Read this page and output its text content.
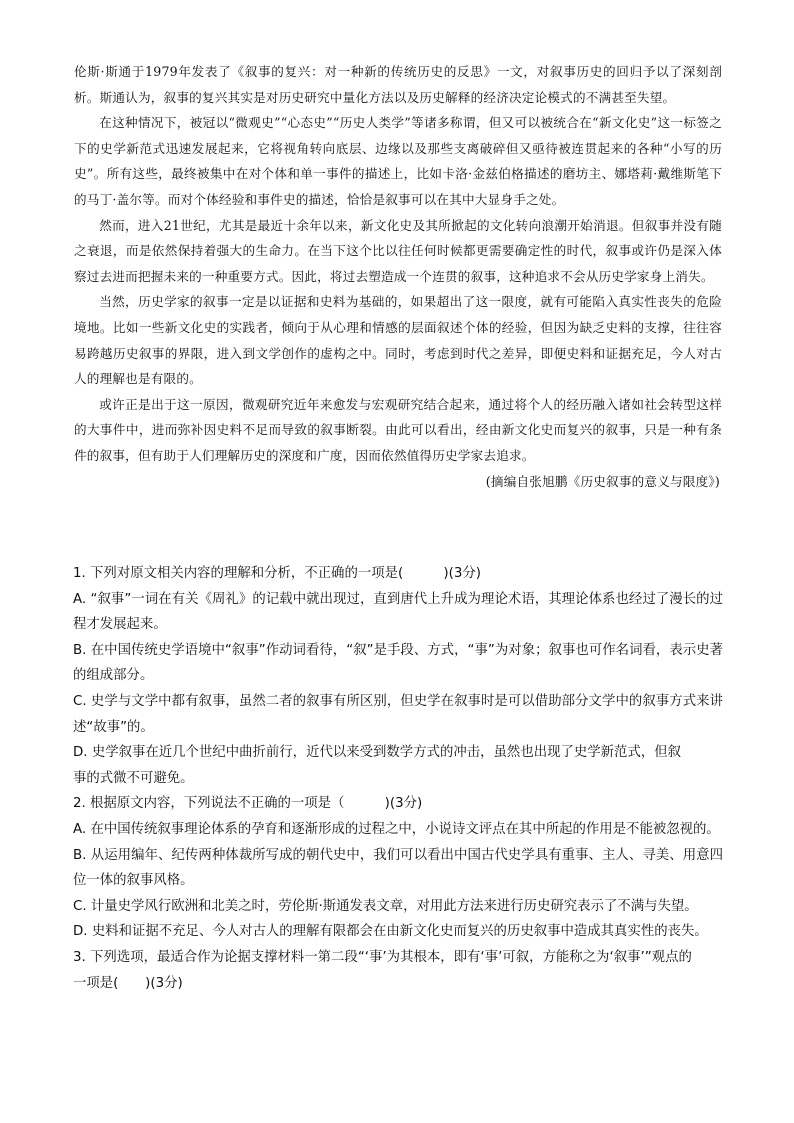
伦斯·斯通于1979年发表了《叙事的复兴：对一种新的传统历史的反思》一文，对叙事历史的回归予以了深刻剖析。斯通认为，叙事的复兴其实是对历史研究中量化方法以及历史解释的经济决定论模式的不满甚至失望。

在这种情况下，被冠以“微观史”“心态史”“历史人类学”等诸多称谓，但又可以被统合在“新文化史”这一标签之下的史学新范式迅速发展起来，它将视角转向底层、边缘以及那些支离破碎但又亟待被连贯起来的各种“小写的历史”。所有这些，最终被集中在对个体和单一事件的描述上，比如卡洛·金兹伯格描述的磨坊主、娜塔莉·戴维斯笔下的马丁·盖尔等。而对个体经验和事件史的描述，恰恰是叙事可以在其中大显身手之处。

然而，进入21世纪，尤其是最近十余年以来，新文化史及其所掀起的文化转向浪潮开始消退。但叙事并没有随之衰退，而是依然保持着强大的生命力。在当下这个比以往任何时候都更需要确定性的时代，叙事或许仍是深入体察过去进而把握未来的一种重要方式。因此，将过去塑造成一个连贯的叙事，这种追求不会从历史学家身上消失。

当然，历史学家的叙事一定是以证据和史料为基础的，如果超出了这一限度，就有可能陷入真实性丧失的危险境地。比如一些新文化史的实践者，倾向于从心理和情感的层面叙述个体的经验，但因为缺乏史料的支撑，往往容易跨越历史叙事的界限，进入到文学创作的虚构之中。同时，考虑到时代之差异，即便史料和证据充足，今人对古人的理解也是有限的。

或许正是出于这一原因，微观研究近年来愈发与宏观研究结合起来，通过将个人的经历融入诸如社会转型这样的大事件中，进而弥补因史料不足而导致的叙事断裂。由此可以看出，经由新文化史而复兴的叙事，只是一种有条件的叙事，但有助于人们理解历史的深度和广度，因而依然值得历史学家去追求。

(摘编自张旭鹏《历史叙事的意义与限度》)

1. 下列对原文相关内容的理解和分析，不正确的一项是(　　　)(3分)

A. “叙事”一词在有关《周礼》的记载中就出现过，直到唐代上升成为理论术语，其理论体系也经过了漫长的过程才发展起来。

B. 在中国传统史学语境中“叙事”作动词看待，“叙”是手段、方式，“事”为对象；叙事也可作名词看，表示史著的组成部分。

C. 史学与文学中都有叙事，虽然二者的叙事有所区别，但史学在叙事时是可以借助部分文学中的叙事方式来讲述“故事”的。

D. 史学叙事在近几个世纪中曲折前行，近代以来受到数学方式的冲击，虽然也出现了史学新范式，但叙

事的式微不可避免。

2. 根据原文内容，下列说法不正确的一项是（　　　)(3分)

A. 在中国传统叙事理论体系的孕育和逐渐形成的过程之中，小说诗文评点在其中所起的作用是不能被忽视的。

B. 从运用编年、纪传两种体裁所写成的朝代史中，我们可以看出中国古代史学具有重事、主人、寻美、用意四位一体的叙事风格。

C. 计量史学风行欧洲和北美之时，劳伦斯·斯通发表文章，对用此方法来进行历史研究表示了不满与失望。

D. 史料和证据不充足、今人对古人的理解有限都会在由新文化史而复兴的历史叙事中造成其真实性的丧失。

3. 下列选项，最适合作为论据支撑材料一第二段“‘事’为其根本，即有‘事’可叙，方能称之为‘叙事’”观点的

一项是(　　)(3分)
